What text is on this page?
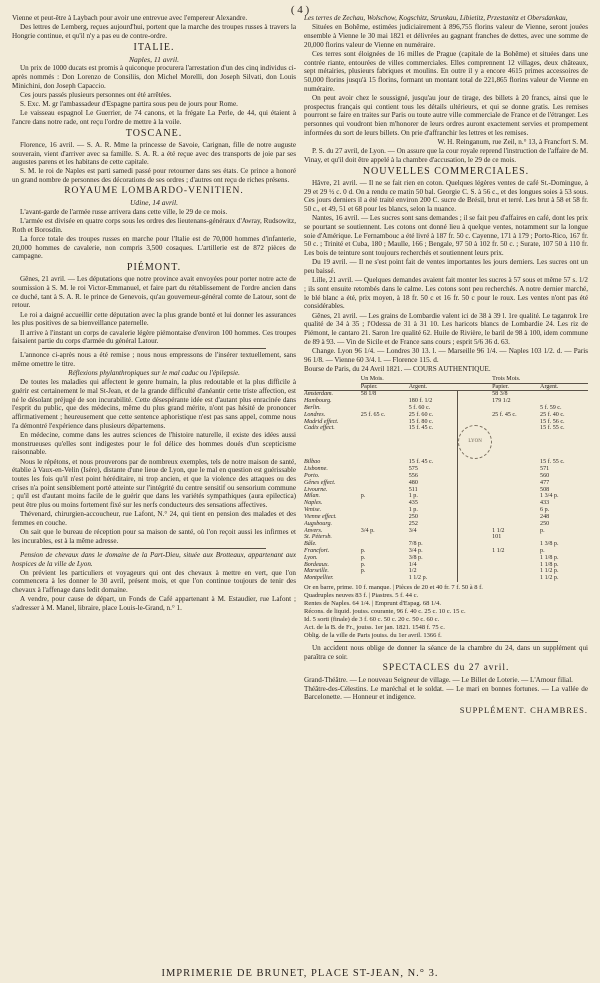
( 4 )

Vienne et peut-être à Laybach pour avoir une entrevue avec l'empereur Alexandre.

Des lettres de Lemberg, reçues aujourd'hui, portent que la marche des troupes russes à travers la Hongrie continue, et qu'il n'y a pas eu de contre-ordre.

ITALIE.
Naples, 11 avril.

Un prix de 1000 ducats est promis à quiconque procurera l'arrestation d'un des cinq individus ci-après nommés : Don Lorenzo de Consiliis, don Michel Morelli, don Joseph Silvati, don Louis Minichini, don Joseph Capaccio.

Ces jours passés plusieurs personnes ont été arrêtées.

S. Exc. M. gr l'ambassadeur d'Espagne partira sous peu de jours pour Rome.

Le vaisseau espagnol Le Guerrier, de 74 canons, et la frégate La Perle, de 44, qui étaient à l'ancre dans notre rade, ont reçu l'ordre de mettre à la voile.

TOSCANE.

Florence, 16 avril. — S. A. R. Mme la princesse de Savoie, Carignan, fille de notre auguste souverain, vient d'arriver avec sa famille. S. A. R. a été reçue avec des transports de joie par ses augustes parens et les habitans de cette capitale.

S. M. le roi de Naples est parti samedi passé pour retourner dans ses états. Ce prince a honoré un grand nombre de personnes des décorations de ses ordres ; d'autres ont reçu de riches présens.

ROYAUME LOMBARDO-VENITIEN.
Udine, 14 avril.

L'avant-garde de l'armée russe arrivera dans cette ville, le 29 de ce mois.

L'armée est divisée en quatre corps sous les ordres des lieutenans-généraux d'Awray, Rudsowitz, Roth et Borosdin.

La force totale des troupes russes en marche pour l'Italie est de 70,000 hommes d'infanterie, 20,000 hommes de cavalerie, non compris 3,500 cosaques. L'artillerie est de 872 pièces de campagne.

PIÉMONT.

Gênes, 21 avril. — Les députations que notre province avait envoyées pour porter notre acte de soumission à S. M. le roi Victor-Emmanuel, et faire part du rétablissement de l'ordre ancien dans ce duché, tant à S. A. R. le prince de Genevois, qu'au gouverneur-général comte de Latour, sont de retour.

Le roi a daigné accueillir cette députation avec la plus grande bonté et lui donner les assurances les plus positives de sa bienveillance paternelle.

Il arrive à l'instant un corps de cavalerie légère piémontaise d'environ 100 hommes. Ces troupes faisaient partie du corps d'armée du général Latour.

L'annonce ci-après nous a été remise ; nous nous empressons de l'insérer textuellement, sans même omettre le titre.

Réflexions phylanthropiques sur le mal caduc ou l'épilepsie.

De toutes les maladies qui affectent le genre humain, la plus redoutable et la plus difficile à guérir est certainement le mal St-Jean, et de la grande difficulté d'anéantir cette triste affection, est né le désolant préjugé de son incurabilité. Cette désespérante idée est d'autant plus enracinée dans l'esprit du public, que des médecins, même du plus grand mérite, n'ont pas hésité de prononcer affirmativement ; heureusement que cette sentence aphoristique n'est pas sans appel, comme nous l'a démontré l'expérience dans plusieurs départemens.

En médecine, comme dans les autres sciences de l'histoire naturelle, il existe des idées aussi monstrueuses qu'elles sont indigestes pour le fol délice des hommes doués d'un scepticisme raisonnable.

Nous le répétons, et nous prouverons par de nombreux exemples, tels de notre maison de santé, établie à Vaux-en-Velin (Isère), distante d'une lieue de Lyon, que le mal en question est guérissable toutes les fois qu'il n'est point héréditaire, ni trop ancien, et que la violence des attaques ou des crises n'a point sensiblement porté atteinte sur l'intégrité du centre sensitif ou sensorium commune ; qu'il est d'autant moins facile de le guérir que dans les variétés sympathiques (aura epilectica) peut être plus ou moins fortement fixé sur les nerfs conducteurs des sensations affectives.

Thévenard, chirurgien-accoucheur, rue Lafont, N.° 24, qui tient en pension des malades et des femmes en couche.

On sait que le bureau de réception pour sa maison de santé, où l'on reçoit aussi les infirmes et les incurables, est à la même adresse.

Pension de chevaux dans le domaine de la Part-Dieu, située aux Brotteaux, appartenant aux hospices de la ville de Lyon.

On prévient les particuliers et voyageurs qui ont des chevaux à mettre en vert, que l'on commencera à les donner le 30 avril, présent mois, et que l'on continue toujours de tenir des chevaux à l'affenage dans ledit domaine.

A vendre, pour cause de départ, un Fonds de Café appartenant à M. Estaudier, rue Lafont ; s'adresser à M. Manel, libraire, place Louis-le-Grand, n.° 1.

Les terres de Zechau, Wolschow, Kogschitz, Strunkau, Libietitz, Przestanitz et Obersdankau,

Situées en Bohême, estimées judiciairement à 896,755 florins valeur de Vienne, seront jouées ensemble à Vienne le 30 mai 1821 et délivrées au gagnant franches de dettes, avec une somme de 20,000 florins valeur de Vienne en numéraire.

Ces terres sont éloignées de 16 milles de Prague (capitale de la Bohême) et situées dans une contrée riante, entourées de villes commerciales. Elles comprennent 12 villages, deux châteaux, sept métairies, plusieurs fabriques et moulins. En outre il y a encore 4615 primes accessoires de 50,000 florins jusqu'à 15 florins, formant un montant total de 221,865 florins valeur de Vienne en numéraire.

On peut avoir chez le soussigné, jusqu'au jour de tirage, des billets à 20 francs, ainsi que le prospectus français qui contient tous les détails ultérieurs, et qui se donne gratis. Les remises pourront se faire en traites sur Paris ou toute autre ville commerciale de France et de l'étranger. Les personnes qui voudront bien m'honorer de leurs ordres auront exactement servies et prompement informées du sort de leurs billets. On prie d'affranchir les lettres et les remises.

W. H. Reinganum, rue Zeil, n.° 13, à Francfort S. M.

P. S. du 27 avril, de Lyon. — On assure que la cour royale reprend l'instruction de l'affaire de M. Vinay, et qu'il doit être appelé à la chambre d'accusation, le 29 de ce mois.

NOUVELLES COMMERCIALES.

Hâvre, 21 avril. — Il ne se fait rien en coton. Quelques légères ventes de café St.-Domingue, à 29 et 29 ½ c. 0 d. On a rendu ce matin 50 bal. Georgie C. S. à 56 c., et des longues soies à 53 sous. Ces jours derniers il a été traité environ 200 C. sucre de Brésil, brut et terré. Les brut à 58 et 58 fr. 50 c., et 49, 51 et 68 pour les blancs, selon la nuance.

Nantes, 16 avril. — Les sucres sont sans demandes ; il se fait peu d'affaires en café, dont les prix se pourtant se soutiennent. Les cotons ont donné lieu à quelque ventes, notamment sur la longue soie d'Amérique. Le Fernambouc a été livré à 187 fr. 50 c. Cayenne, 171 à 179 ; Porto-Rico, 167 fr. 50 c. ; Trinité et Cuba, 180 ; Maulle, 166 ; Bengale, 97 50 à 102 fr. 50 c. ; Surate, 107 50 à 110 fr. Les bois de teinture sont toujours recherchés et soutiennent leurs prix.

Du 19 avril. — Il ne s'est point fait de ventes importantes les jours derniers. Les sucres ont un peu baissé.

Lille, 21 avril. — Quelques demandes avaient fait monter les sucres à 57 sous et même 57 s. 1/2 ; ils sont ensuite retombés dans le calme. Les cotons sont peu recherchés. A notre dernier marché, le blé blanc a été, prix moyen, à 18 fr. 50 c et 16 fr. 50 c pour le roux. Les ventes n'ont pas été considérables.

Gênes, 21 avril. — Les grains de Lombardie valent ici de 38 à 39 l. 1re qualité. Le taganrok 1re qualité de 34 à 35 ; l'Odessa de 31 à 31 10. Les haricots blancs de Lombardie 24. Les riz de Piémont, le cantaro 21. Saron 1re qualité 62. Huile de Rivière, le baril de 98 à 100, idem commune de 89 à 93. — Vin de Sicile et de France sans cours ; esprit 5/6 36 d. 63.

Change. Lyon 96 1/4. — Londres 30 13. l. — Marseille 96 1/4. — Naples 103 1/2. d. — Paris 96 1/8. — Vienne 60 3/4. l. — Florence 115. d.

Bourse de Paris, du 24 Avril 1821. — COURS AUTHENTIQUE.

	Un Mois.			Trois Mois.	
	Papier.	Argent.		Papier.	Argent.
Amsterdam.	58 1/8			58 3/8	
Hambourg.		180 f. 1/2		179 1/2	
Berlin.		5 f. 60 c.			5 f. 59 c.
Londres.	25 f. 65 c.	25 f. 60 c.		25 f. 45 c.	25 f. 40 c.
Madrid effect.		15 f. 80 c.			15 f. 56 c.
Cadix effect.		15 f. 45 c.	LYON		15 f. 55 c.
Bilbao		15 f. 45 c.			15 f. 55 c.
Lisbonne.		575			571
Porto.		556			560
Gênes effect.		480			477
Livourne.		511			508
Milan.	p.	1 p.			1 3/4 p.
Naples.		435			433
Venise.		1 p.			6 p.
Vienne effect.		250			248
Augsbourg.		252			250
Anvers.	3/4 p.	3/4		1 1/2	p.
St. Pétersb.				101	
Bâle.		7/8 p.			1 3/8 p.
Francfort.	p.	3/4 p.		1 1/2	p.
Lyon.	p.	3/8 p.			1 1/8 p.
Bordeaux.	p.	1/4			1 1/8 p.
Marseille.	p.	1/2			1 1/2 p.
Montpellier.		1 1/2 p.			1 1/2 p.
Or en barre, prime. 10 f. manque. | Pièces de 20 et 40 fr. 7 f. 50 à 8 f.
Quadruples neuves 83 f. | Piastres. 5 f. 44 c.
Rentes de Naples. 64 1/4. | Emprunt d'Espag. 68 1/4.
Récons. de liquid. jouiss. courante, 96 f. 40 c. 25 c. 10 c. 15 c.
Id. 5 sorti (finale) de 3 f. 60 c. 50 c. 20 c. 50 c. 60 c.
Act. de la B. de Fr., jouiss. 1er jan. 1821. 1548 f. 75 c.
Oblig. de la ville de Paris jouiss. du 1er avril. 1366 f.

Un accident nous oblige de donner la séance de la chambre du 24, dans un supplément qui paraîtra ce soir.

SPECTACLES du 27 avril.

Grand-Théâtre. — Le nouveau Seigneur de village. — Le Billet de Loterie. — L'Amour filial.

Théâtre-des-Célestins. Le maréchal et le soldat. — Le mari en bonnes fortunes. — La vallée de Barcelonette. — Honneur et indigence.

SUPPLÉMENT. CHAMBRES.
IMPRIMERIE DE BRUNET, PLACE ST-JEAN, N.° 3.
